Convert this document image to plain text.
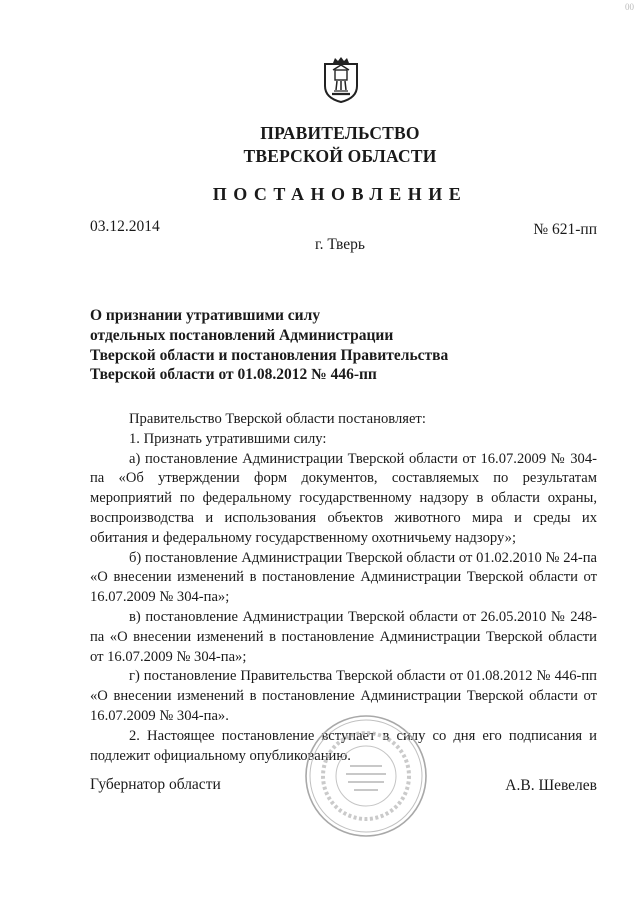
00
ПРАВИТЕЛЬСТВО
ТВЕРСКОЙ ОБЛАСТИ
ПОСТАНОВЛЕНИЕ
03.12.2014	№ 621-пп
г. Тверь
О признании утратившими силу
отдельных постановлений Администрации
Тверской области и постановления Правительства
Тверской области от 01.08.2012 № 446-пп

Правительство Тверской области постановляет:

1. Признать утратившими силу:

а) постановление Администрации Тверской области от 16.07.2009 № 304-па «Об утверждении форм документов, составляемых по результатам мероприятий по федеральному государственному надзору в области охраны, воспроизводства и использования объектов животного мира и среды их обитания и федеральному государственному охотничьему надзору»;

б) постановление Администрации Тверской области от 01.02.2010 № 24-па «О внесении изменений в постановление Администрации Тверской области от 16.07.2009 № 304-па»;

в) постановление Администрации Тверской области от 26.05.2010 № 248-па «О внесении изменений в постановление Администрации Тверской области от 16.07.2009 № 304-па»;

г) постановление Правительства Тверской области от 01.08.2012 № 446-пп «О внесении изменений в постановление Администрации Тверской области от 16.07.2009 № 304-па».

2. Настоящее постановление вступает в силу со дня его подписания и подлежит официальному опубликованию.

Губернатор области	А.В. Шевелев
